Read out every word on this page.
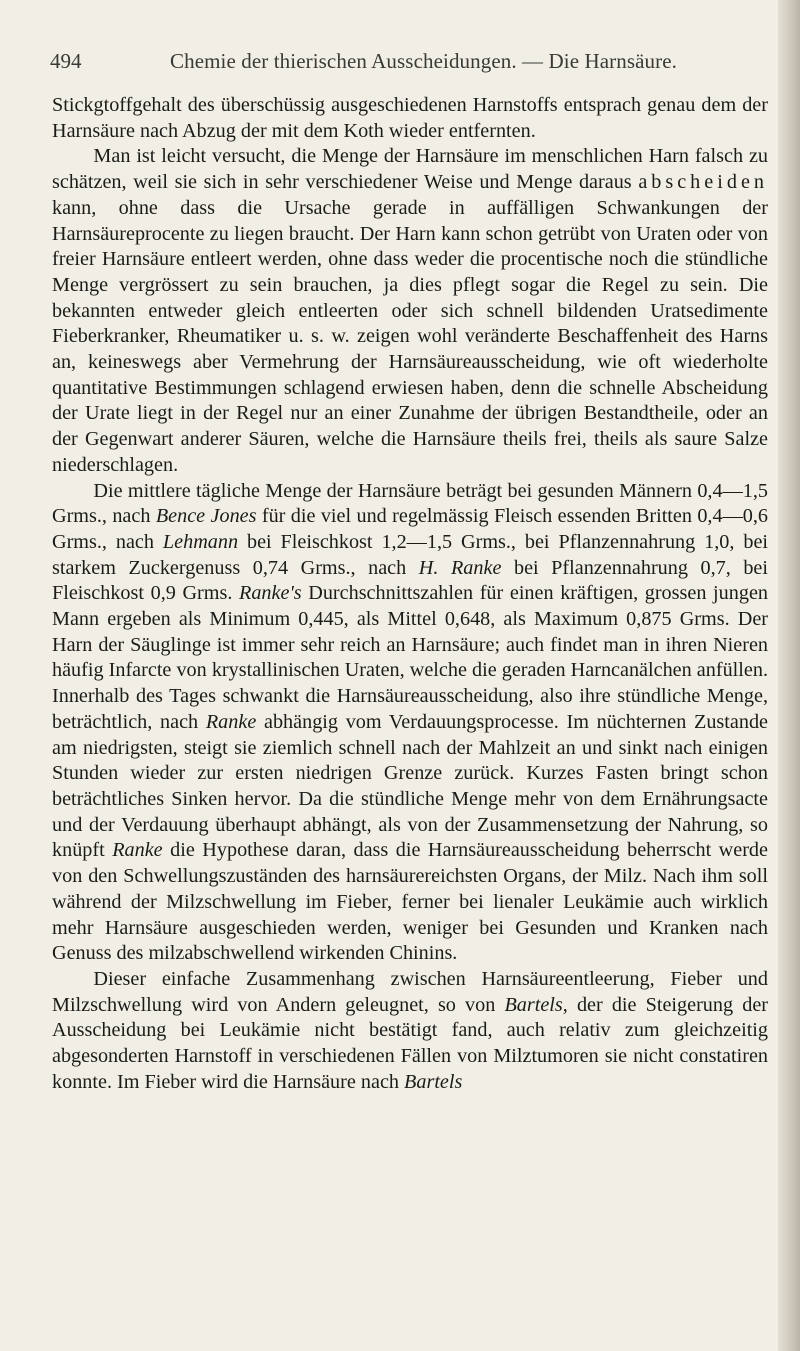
494	Chemie der thierischen Ausscheidungen. — Die Harnsäure.

Stickgtoffgehalt des überschüssig ausgeschiedenen Harnstoffs entsprach genau dem der Harnsäure nach Abzug der mit dem Koth wieder entfernten.

Man ist leicht versucht, die Menge der Harnsäure im menschlichen Harn falsch zu schätzen, weil sie sich in sehr verschiedener Weise und Menge daraus abscheiden kann, ohne dass die Ursache gerade in auffälligen Schwankungen der Harnsäureprocente zu liegen braucht. Der Harn kann schon getrübt von Uraten oder von freier Harnsäure entleert werden, ohne dass weder die procentische noch die stündliche Menge vergrössert zu sein brauchen, ja dies pflegt sogar die Regel zu sein. Die bekannten entweder gleich entleerten oder sich schnell bildenden Uratsedimente Fieberkranker, Rheumatiker u. s. w. zeigen wohl veränderte Beschaffenheit des Harns an, keineswegs aber Vermehrung der Harnsäureausscheidung, wie oft wiederholte quantitative Bestimmungen schlagend erwiesen haben, denn die schnelle Abscheidung der Urate liegt in der Regel nur an einer Zunahme der übrigen Bestandtheile, oder an der Gegenwart anderer Säuren, welche die Harnsäure theils frei, theils als saure Salze niederschlagen.

Die mittlere tägliche Menge der Harnsäure beträgt bei gesunden Männern 0,4—1,5 Grms., nach Bence Jones für die viel und regelmässig Fleisch essenden Britten 0,4—0,6 Grms., nach Lehmann bei Fleischkost 1,2—1,5 Grms., bei Pflanzennahrung 1,0, bei starkem Zuckergenuss 0,74 Grms., nach H. Ranke bei Pflanzennahrung 0,7, bei Fleischkost 0,9 Grms. Ranke's Durchschnittszahlen für einen kräftigen, grossen jungen Mann ergeben als Minimum 0,445, als Mittel 0,648, als Maximum 0,875 Grms. Der Harn der Säuglinge ist immer sehr reich an Harnsäure; auch findet man in ihren Nieren häufig Infarcte von krystallinischen Uraten, welche die geraden Harncanälchen anfüllen. Innerhalb des Tages schwankt die Harnsäureausscheidung, also ihre stündliche Menge, beträchtlich, nach Ranke abhängig vom Verdauungsprocesse. Im nüchternen Zustande am niedrigsten, steigt sie ziemlich schnell nach der Mahlzeit an und sinkt nach einigen Stunden wieder zur ersten niedrigen Grenze zurück. Kurzes Fasten bringt schon beträchtliches Sinken hervor. Da die stündliche Menge mehr von dem Ernährungsacte und der Verdauung überhaupt abhängt, als von der Zusammensetzung der Nahrung, so knüpft Ranke die Hypothese daran, dass die Harnsäureausscheidung beherrscht werde von den Schwellungszuständen des harnsäurereichsten Organs, der Milz. Nach ihm soll während der Milzschwellung im Fieber, ferner bei lienaler Leukämie auch wirklich mehr Harnsäure ausgeschieden werden, weniger bei Gesunden und Kranken nach Genuss des milzabschwellend wirkenden Chinins.

Dieser einfache Zusammenhang zwischen Harnsäureentleerung, Fieber und Milzschwellung wird von Andern geleugnet, so von Bartels, der die Steigerung der Ausscheidung bei Leukämie nicht bestätigt fand, auch relativ zum gleichzeitig abgesonderten Harnstoff in verschiedenen Fällen von Milztumoren sie nicht constatiren konnte. Im Fieber wird die Harnsäure nach Bartels
